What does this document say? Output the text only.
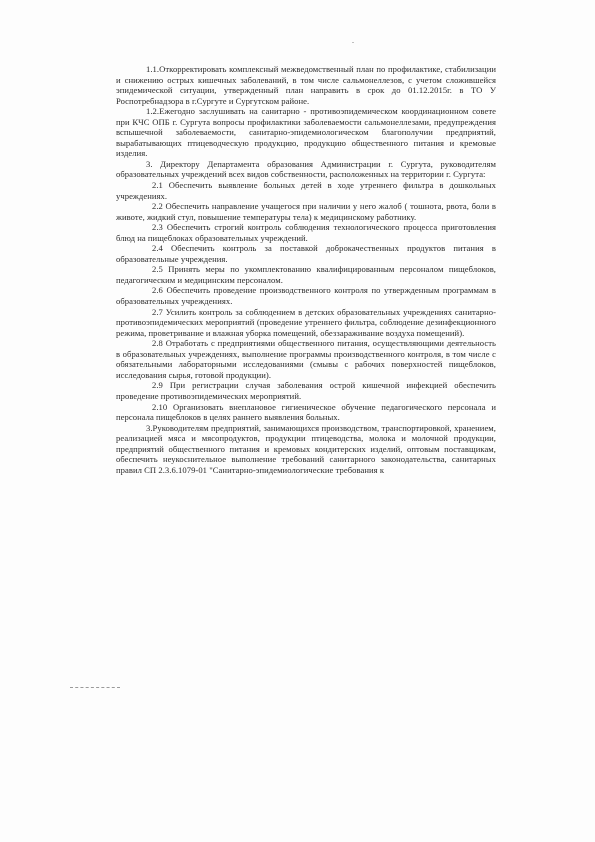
-

1.1.Откорректировать комплексный межведомственный план по профилактике, стабилизации и снижению острых кишечных заболеваний, в том числе сальмонеллезов, с учетом сложившейся эпидемической ситуации, утвержденный план направить в срок до 01.12.2015г. в ТО У Роспотребнадзора в г.Сургуте и Сургутском районе.

1.2.Ежегодно заслушивать на санитарно - противоэпидемическом координационном совете при КЧС ОПБ г. Сургута вопросы профилактики заболеваемости сальмонеллезами, предупреждения вспышечной заболеваемости, санитарно-эпидемиологическом благополучии предприятий, вырабатывающих птицеводческую продукцию, продукцию общественного питания и кремовые изделия.

3. Директору Департамента образования Администрации г. Сургута, руководителям образовательных учреждений всех видов собственности, расположенных на территории г. Сургута:

2.1 Обеспечить выявление больных детей в ходе утреннего фильтра в дошкольных учреждениях.

2.2 Обеспечить направление учащегося при наличии у него жалоб ( тошнота, рвота, боли в животе, жидкий стул, повышение температуры тела) к медицинскому работнику.

2.3 Обеспечить строгий контроль соблюдения технологического процесса приготовления блюд на пищеблоках образовательных учреждений.

2.4 Обеспечить контроль за поставкой доброкачественных продуктов питания в образовательные учреждения.

2.5 Принять меры по укомплектованию квалифицированным персоналом пищеблоков, педагогическим и медицинским персоналом.

2.6 Обеспечить проведение производственного контроля по утвержденным программам в образовательных учреждениях.

2.7 Усилить контроль за соблюдением в детских образовательных учреждениях санитарно-противоэпидемических мероприятий (проведение утреннего фильтра, соблюдение дезинфекционного режима, проветривание и влажная уборка помещений, обеззараживание воздуха помещений).

2.8 Отработать с предприятиями общественного питания, осуществляющими деятельность в образовательных учреждениях, выполнение программы производственного контроля, в том числе с обязательными лабораторными исследованиями (смывы с рабочих поверхностей пищеблоков, исследования сырья, готовой продукции).

2.9 При регистрации случая заболевания острой кишечной инфекцией обеспечить проведение противоэпидемических мероприятий.

2.10 Организовать внеплановое гигиеническое обучение педагогического персонала и персонала пищеблоков в целях раннего выявления больных.

3.Руководителям предприятий, занимающихся производством, транспортировкой, хранением, реализацией мяса и мясопродуктов, продукции птицеводства, молока и молочной продукции, предприятий общественного питания и кремовых кондитерских изделий, оптовым поставщикам, обеспечить неукоснительное выполнение требований санитарного законодательства, санитарных правил СП 2.3.6.1079-01 "Санитарно-эпидемиологические требования к
